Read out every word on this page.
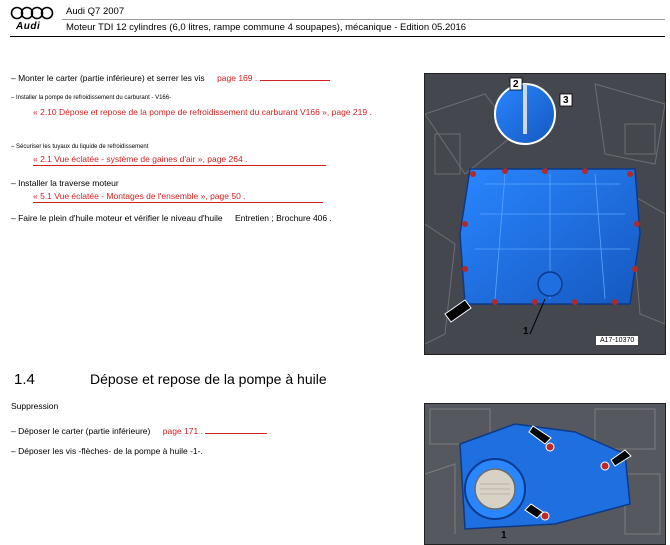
Audi
Audi Q7 2007
Moteur TDI 12 cylindres (6,0 litres, rampe commune 4 soupapes), mécanique - Edition 05.2016
– Monter le carter (partie inférieure) et serrer les vis page 169 .
– Installer la pompe de refroidissement du carburant - V166-
« 2.10 Dépose et repose de la pompe de refroidissement du carburant V166 », page 219 .
– Sécuriser les tuyaux du liquide de refroidissement
« 2.1 Vue éclatée - système de gaines d'air », page 264 .
– Installer la traverse moteur
« 5.1 Vue éclatée - Montages de l'ensemble », page 50 .
– Faire le plein d'huile moteur et vérifier le niveau d'huile Entretien ; Brochure 406 .
2
3
1
A17-10370
1.4	Dépose et repose de la pompe à huile
Suppression
– Déposer le carter (partie inférieure) page 171 .
– Déposer les vis -flèches- de la pompe à huile -1-.
1
